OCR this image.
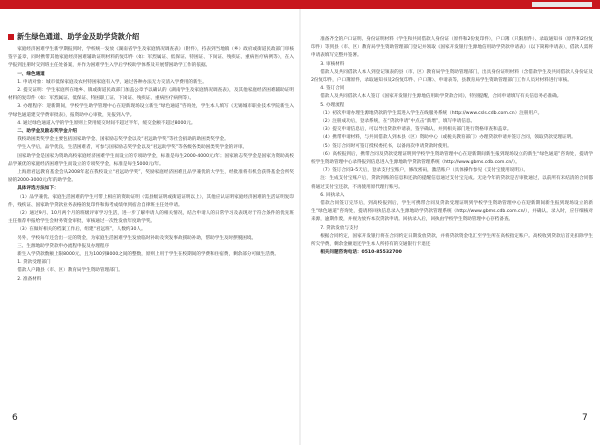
新生绿色通道、助学金及助学贷款介绍

家庭经济困难学生新学期报到时，学校统一发放《湖南省学生及家庭情况调查表》（附件），持表到当地镇（乡）政府或街道民政部门审核签字盖章，同时携带其他家庭经济困难辅助证明材料的复印件（如：军烈属证、低保证、特困证、下岗证、残疾证、重病医疗病例等），在入学报到注册时交到班主任处备案，并作为困难学生入学后学校助学体系及开展帮困助学工作的依据。

一、绿色通道

1. 申请对象：城市低保家庭及农村特困家庭有入学，通过各种办法无力交清入学费用的新生。

2. 提交证明：学生家庭所在地乡、镇或街道民政部门加盖公章予以确认的《湖南学生及家庭情况调查表》，及其他家庭经济困难辅助证明材料的复印件（如：军烈属证、低保证、特困职工证、下岗证、残疾证、重病医疗病例等）。

3. 办理程序：迎新期间，学校学生助学管理中心在迎新现场设立新生“绿色通道”咨询处，学生本人填写《无锡城市职业技术学院新生入学绿色通道建交学费审批表》，报资助中心审批，先报到入学。

4. 通过绿色通道入学的学生原则上贷用缓交时间不超过半年，缓交金额不超过8000元。

二、助学金及励志奖学金介绍

我校助困类奖学金主要包括国家助学金、国家励志奖学金以及“君远助学奖”等社会捐助的助困类奖学金。

学生入学后，品学优良，生活困难者，可参与国家励志奖学金以及“君远助学奖”等各级各类助困类奖学金的评审。

国家助学金是国家为资助高校家庭经济困难学生而设立的专项助学金，标准是每生2000-4000元/年；国家励志奖学金是国家为资助高校品学兼优的家庭经济困难学生而设立的专项奖学金，标准是每生5000元/年。

上海唐君远教育基金会从2008年起在我校设立“君远助学奖”，奖励家庭经济困难且品学兼优的大学生，经批准将有机会获得基金会所奖励的2000-3000元/年的助学金。

具体评选方法如下：

（1）品学兼优、家庭生活困难的学生可带上相应的资助证明（需县级证明或街道证明以上），其他应认证明家庭经济困难的生活证明复印件，残疾证、国家助学贷款业务表格的复印件和海考成绩单到宿舍自律班主任处申请。

（2）通过9月、10月两个月的班级评审学习生活，进一步了解申请人的相关情况，结合申请人的日常学习及表现对于符合条件的优先班主任推荐申报给学生会财务资金审批，审核通过一次性发放年度助学奖。

（3）在做好相关的档案工作后，组建“君远班”，人数约30人。

另外，学校每年还会出一定的资金，为家庭生活困难学生发放临时补助及突发事故援助补助，帮助学生及时摆脱困境。

三、生源地助学贷款申办流程申报及办理程序

新生入学贷款数额上限8000元，且为100到8000之间的整数，原则上用于学生在校期间的学费和住宿费，剩余部分可做生活费。

1. 贷款受理部门

借款人户籍县（市、区）教育局学生资助管理部门。

2. 准备材料

准备齐全的户口证明、身份证明材料（学生和共同借款人身份证（原件和2份复印件），户口簿（只限原件）、录取通知书（原件和2份复印件）等到县（市、区）教育局学生资助管理部门登记并领取《国家开发银行生源地信用助学贷款申请表》（以下简称申请表），借款人需将申请表填写完整并签署。

3. 审核材料

借款人及共同借款人本人到登记领表的县（市、区）教育局学生资助管理部门，出具身份证明材料（含借款学生及共同借款人身份证及2份复印件，户口簿原件，录取通知书及2份复印件、户口簿）、申请表等，县教育局学生资助管理部门工作人员对材料进行审核。

4. 签订合同

借款人及共同借款人本人签订《国家开发银行生源地信用助学贷款合同》，特别提醒，合同申请填写有关信息务必准确。

5. 办理流程

（1）初次申请办理生源地贷款的学生需进入学生在线服务系统（http://www.csls.cdb.com.cn）注册用户。

（2）注册成功后，登录系统，在“贷款申请”中点击“新增”，填写申请信息。

（3）提交申请信息后，可以导出贷款申请表，签字确认，并到相关部门进行资格审查和盖章。

（4）携带申请材料，与共同借款人到本县（区）资助中心（或税关教育部门）办理贷款申请并签订合同，领取贷款受理证明。

（5）签订合同时可签订授权委托书，以备再次申请贷款时使用。

（6）高校报到后，携带合同及贷款受理证明到学校学生资助管理中心在迎新期间新生报到现场设立的新生“绿色通道”咨询处，提请学校学生资助管理中心录得报到信息进入生源地助学贷款管理系统（http://www.gbms.cdb.com.cn/）。

（7）签订合同3-5天后，登录支付宝账户，修改密码，激活账户（具体操作参见《支付宝使用说明》）。

注：生成支付宝账户后，贷款到账的信息和还款的提醒信息通过支付宝完成。无论今年的贷款是否审批通过，以前所有未结清的合同都将通过支付宝还款，不再使用原代理行账号。

6. 回执录入

借款合同签订完毕后，到高校报到后，学生可携带合同及贷款受理证明到学校学生资助管理中心在迎新期间新生报到现场设立的新生“绿色通道”咨询处，提请将回执信息录入生源地助学贷款管理系统（http://www.gbms.cdb.com.cn/），并确认。录入时，应仔细核对来源，逾期作废，并视为放弃本次贷款申请。回执录入后，回执由学校学生资助管理中心存档备查。

7. 贷款发放与支付

根据合同约定，国家开发银行将在合同约定日期发放贷款，并将贷款资金电汇至学生所在高校指定账户。高校收到贷款后首先扣除学生所欠学费，剩余金额退还学生本人所持有的交通银行卡退还

相关问题咨询电话：0510-85532700

6	7
